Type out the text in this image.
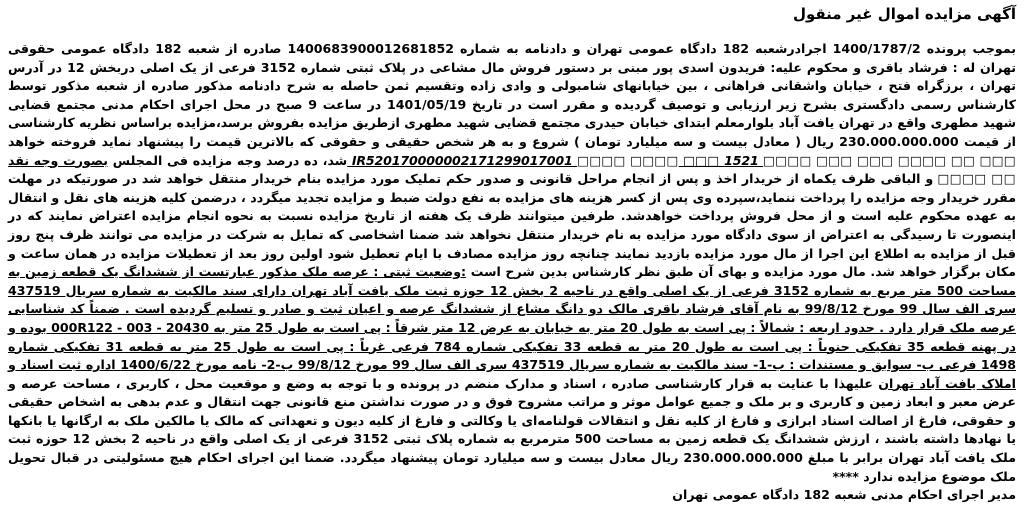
آگهی مزایده اموال غیر منقول

بموجب پرونده 1400/1787/2 اجرادرشعبه 182 دادگاه عمومی تهران و دادنامه به شماره 1400683900012681852 صادره از شعبه 182 دادگاه عمومی حقوقی تهران له : فرشاد باقری و محکوم علیه: فریدون اسدی پور مبنی بر دستور فروش مال مشاعی در پلاک ثبتی شماره 3152 فرعی از یک اصلی دربخش 12 در آدرس تهران ، برزگراه فتح ، خیابان واشقانی فراهانی ، بین خیابانهای شامبولی و وادی زاده وتقسیم ثمن حاصله به شرح دادنامه مذکور صادره از شعبه مذکور توسط کارشناس رسمی دادگستری بشرح زیر ارزیابی و توصیف گردیده و مقرر است در تاریخ 1401/05/19 در ساعت 9 صبح در محل اجرای احکام مدنی مجتمع قضایی شهید مطهری واقع در تهران یافت آباد بلوارمعلم ابتدای خیابان حیدری مجتمع قضایی شهید مطهری ازطریق مزایده بفروش برسد،مزایده براساس نظریه کارشناسی از قیمت 230.000.000.000 ریال ( معادل بیست و سه میلیارد تومان ) شروع و به هر شخص حقیقی و حقوقی که بالاترین قیمت را پیشنهاد نماید فروخته خواهد شد، ده درصد وجه مزایده فی المجلس بصورت وجه نقد	IR520170000002171299017001	□□□ □□ □□□□ □□□ □□□ □□□□ 1521 □□□ □□□□ □□□□ □□ □□□□ و الباقی ظرف یکماه از خریدار اخذ و پس از انجام مراحل قانونی و صدور حکم تملیک مورد مزایده بنام خریدار منتقل خواهد شد در صورتیکه در مهلت مقرر خریدار وجه مزایده را پرداخت ننماید،سپرده وی پس از کسر هزینه های مزایده به نفع دولت ضبط و مزایده تجدید میگردد ، درضمن کلیه هزینه های نقل و انتقال به عهده محکوم علیه است و از محل فروش پرداخت خواهدشد. طرفین میتوانند ظرف یک هفته از تاریخ مزایده نسبت به نحوه انجام مزایده اعتراض نمایند که در اینصورت تا رسیدگی به اعتراض از سوی دادگاه مورد مزایده به نام خریدار منتقل نخواهد شد ضمنا اشخاصی که تمایل به شرکت در مزایده می توانند ظرف پنج روز قبل از مزایده به اطلاع این اجرا از مال مورد مزایده بازدید نمایند چنانچه روز مزایده مصادف با ایام تعطیل شود اولین روز بعد از تعطیلات مزایده در همان ساعت و مکان برگزار خواهد شد. مال مورد مزایده و بهای آن طبق نظر کارشناس بدین شرح است :وضعیت ثبتی : عرصه ملک مذکور عبارتست از ششدانگ یک قطعه زمین به مساحت 500 متر مربع به شماره 3152 فرعی از یک اصلی واقع در ناحیه 2 بخش 12 حوزه ثبت ملک یافت آباد تهران دارای سند مالکیت به شماره سریال 437519 سری الف سال 99 مورخ 99/8/12 به نام آقای فرشاد باقری مالک دو دانگ مشاع از ششدانگ عرصه و اعیان ثبت و صادر و تسلیم گردیده است . ضمناً کد شناسایی عرصه ملک قرار دارد . حدود اربعه : شمالاً : پی است به طول 20 متر به خیابان به عرض 12 متر شرقاً : پی است به طول 25 متر به 000R122 - 003 - 20430 بوده و در پهنه قطعه 35 تفکیکی جنوباً : پی است به طول 20 متر به قطعه 33 تفکیکی شماره 784 فرعی غرباً : پی است به طول 25 متر به قطعه 31 تفکیکی شماره 1498 فرعی ب- سوابق و مستندات : ب-1- سند مالکیت به شماره سریال 437519 سری الف سال 99 مورخ 99/8/12 ب-2- نامه مورخ 1400/6/22 اداره ثبت اسناد و املاک یافت آباد تهران علیهذا با عنایت به قرار کارشناسی صادره ، اسناد و مدارک منضم در پرونده و با توجه به وضع و موقعیت محل ، کاربری ، مساحت عرصه و عرض معبر و ابعاد زمین و کاربری و بر ملک و جمیع عوامل موثر و مراتب مشروح فوق و در صورت نداشتن منع قانونی جهت انتقال و عدم بدهی به اشخاص حقیقی و حقوقی، فارغ از اصالت اسناد ابرازی و فارغ از کلیه نقل و انتقالات قولنامه‌ای یا وکالتی و فارغ از کلیه دیون و تعهداتی که مالک یا مالکین ملک به ارگانها یا بانکها یا نهادها داشته باشند ، ارزش ششدانگ یک قطعه زمین به مساحت 500 مترمربع به شماره پلاک ثبتی 3152 فرعی از یک اصلی واقع در ناحیه 2 بخش 12 حوزه ثبت ملک یافت آباد تهران برابر با مبلغ 230.000.000.000 ریال معادل بیست و سه میلیارد تومان پیشنهاد میگردد. ضمنا این اجرای احکام هیچ مسئولیتی در قبال تحویل ملک موضوع مزایده ندارد ****

مدیر اجرای احکام مدنی شعبه 182 دادگاه عمومی تهران
